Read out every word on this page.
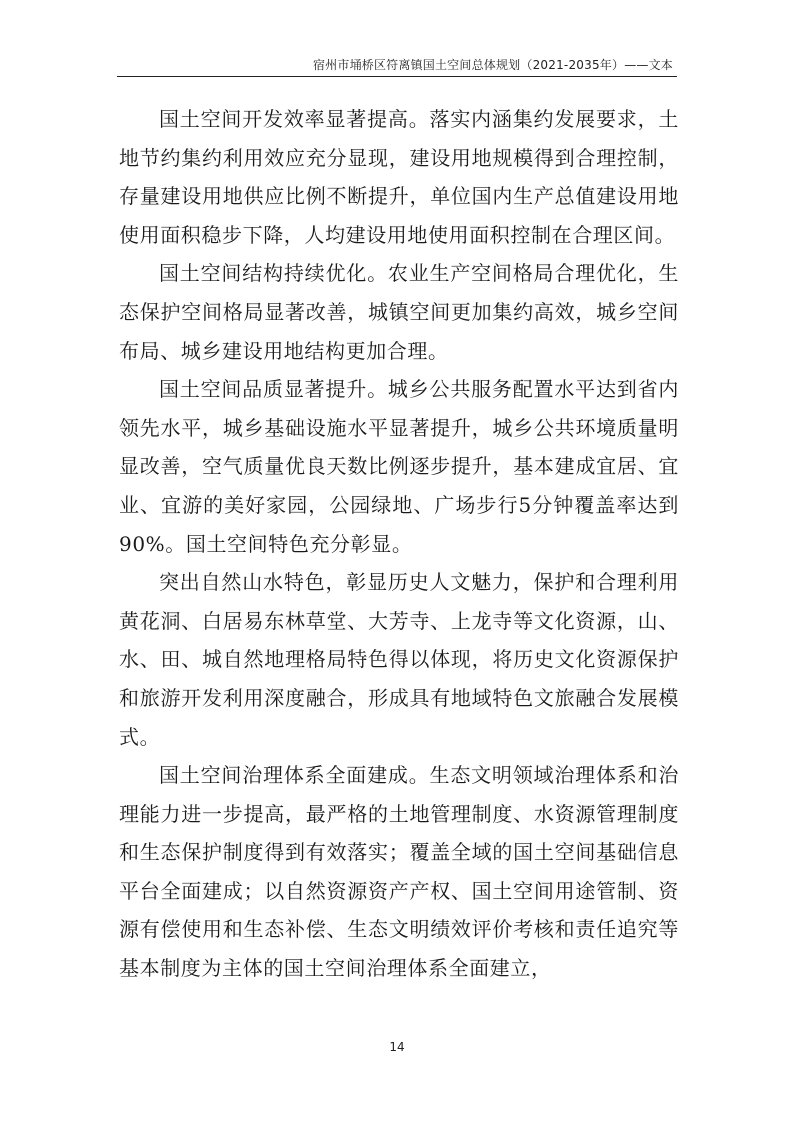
宿州市埇桥区符离镇国土空间总体规划（2021-2035年）——文本

国土空间开发效率显著提高。落实内涵集约发展要求，土地节约集约利用效应充分显现，建设用地规模得到合理控制，存量建设用地供应比例不断提升，单位国内生产总值建设用地使用面积稳步下降，人均建设用地使用面积控制在合理区间。

国土空间结构持续优化。农业生产空间格局合理优化，生态保护空间格局显著改善，城镇空间更加集约高效，城乡空间布局、城乡建设用地结构更加合理。

国土空间品质显著提升。城乡公共服务配置水平达到省内领先水平，城乡基础设施水平显著提升，城乡公共环境质量明显改善，空气质量优良天数比例逐步提升，基本建成宜居、宜业、宜游的美好家园，公园绿地、广场步行5分钟覆盖率达到90%。国土空间特色充分彰显。

突出自然山水特色，彰显历史人文魅力，保护和合理利用黄花洞、白居易东林草堂、大芳寺、上龙寺等文化资源，山、水、田、城自然地理格局特色得以体现，将历史文化资源保护和旅游开发利用深度融合，形成具有地域特色文旅融合发展模式。

国土空间治理体系全面建成。生态文明领域治理体系和治理能力进一步提高，最严格的土地管理制度、水资源管理制度和生态保护制度得到有效落实；覆盖全域的国土空间基础信息平台全面建成；以自然资源资产产权、国土空间用途管制、资源有偿使用和生态补偿、生态文明绩效评价考核和责任追究等基本制度为主体的国土空间治理体系全面建立，

14
